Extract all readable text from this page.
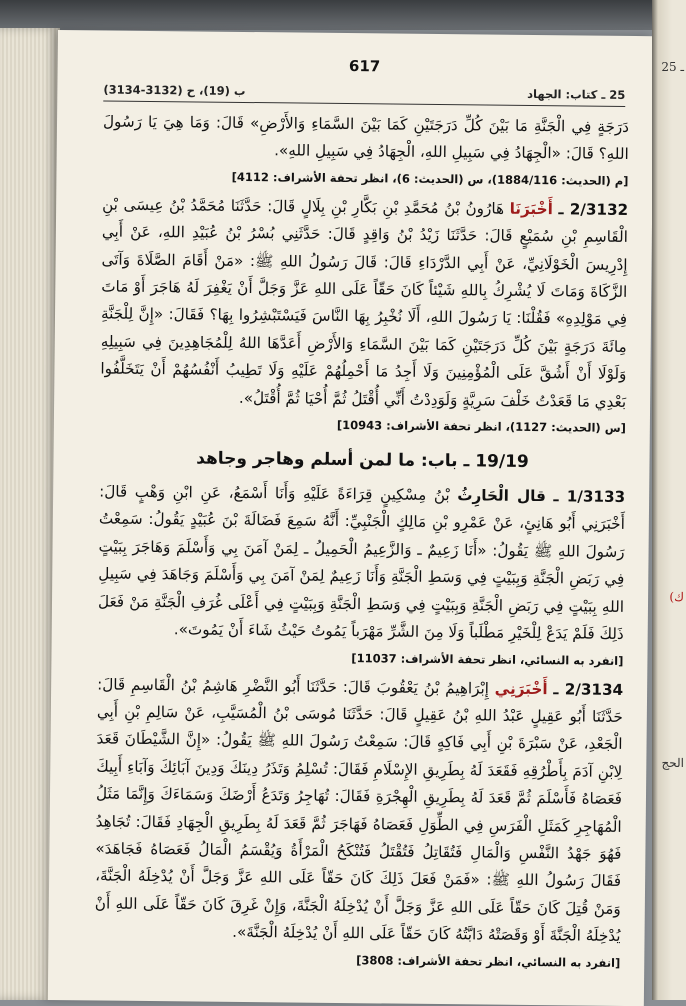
617
25 ـ كتاب: الجهاد
ب (19)، ح (3132-3134)

دَرَجَةٍ فِي الْجَنَّةِ مَا بَيْنَ كُلِّ دَرَجَتَيْنِ كَمَا بَيْنَ السَّمَاءِ وَالأَرْضِ» قَالَ: وَمَا هِيَ يَا رَسُولَ اللهِ؟ قَالَ: «الْجِهَادُ فِي سَبِيلِ اللهِ، الْجِهَادُ فِي سَبِيلِ اللهِ».

[م (الحديث: 1884/116)، س (الحديث: 6)، انظر تحفة الأشراف: 4112]

2/3132 ـ أَخْبَرَنَا هَارُونُ بْنُ مُحَمَّدِ بْنِ بَكَّارِ بْنِ بِلَالٍ قَالَ: حَدَّثَنَا مُحَمَّدُ بْنُ عِيسَى بْنِ الْقَاسِمِ بْنِ سُمَيْعٍ قَالَ: حَدَّثَنَا زَيْدُ بْنُ وَاقِدٍ قَالَ: حَدَّثَنِي بُسْرُ بْنُ عُبَيْدِ اللهِ، عَنْ أَبِي إِدْرِيسَ الْخَوْلَانِيِّ، عَنْ أَبِي الدَّرْدَاءِ قَالَ: قَالَ رَسُولُ اللهِ ﷺ: «مَنْ أَقَامَ الصَّلَاةَ وَآتَى الزَّكَاةَ وَمَاتَ لَا يُشْرِكُ بِاللهِ شَيْئاً كَانَ حَقّاً عَلَى اللهِ عَزَّ وَجَلَّ أَنْ يَغْفِرَ لَهُ هَاجَرَ أَوْ مَاتَ فِي مَوْلِدِهِ» فَقُلْنَا: يَا رَسُولَ اللهِ، أَلَا نُخْبِرُ بِهَا النَّاسَ فَيَسْتَبْشِرُوا بِهَا؟ فَقَالَ: «إِنَّ لِلْجَنَّةِ مِائَةَ دَرَجَةٍ بَيْنَ كُلِّ دَرَجَتَيْنِ كَمَا بَيْنَ السَّمَاءِ وَالأَرْضِ أَعَدَّهَا اللهُ لِلْمُجَاهِدِينَ فِي سَبِيلِهِ وَلَوْلَا أَنْ أَشُقَّ عَلَى الْمُؤْمِنِينَ وَلَا أَجِدُ مَا أَحْمِلُهُمْ عَلَيْهِ وَلَا تَطِيبُ أَنْفُسُهُمْ أَنْ يَتَخَلَّفُوا بَعْدِي مَا قَعَدْتُ خَلْفَ سَرِيَّةٍ وَلَوَدِدْتُ أَنِّي أُقْتَلُ ثُمَّ أُحْيَا ثُمَّ أُقْتَلُ».

[س (الحديث: 1127)، انظر تحفة الأشراف: 10943]
19/19 ـ باب: ما لمن أسلم وهاجر وجاهد

1/3133 ـ قال الْحَارِثُ بْنُ مِسْكِينٍ قِرَاءَةً عَلَيْهِ وَأَنَا أَسْمَعُ، عَنِ ابْنِ وَهْبٍ قَالَ: أَخْبَرَنِي أَبُو هَانِئٍ، عَنْ عَمْرِو بْنِ مَالِكٍ الْجَنْبِيِّ: أَنَّهُ سَمِعَ فَضَالَةَ بْنَ عُبَيْدٍ يَقُولُ: سَمِعْتُ رَسُولَ اللهِ ﷺ يَقُولُ: «أَنَا زَعِيمٌ ـ وَالزَّعِيمُ الْحَمِيلُ ـ لِمَنْ آمَنَ بِي وَأَسْلَمَ وَهَاجَرَ بِبَيْتٍ فِي رَبَضِ الْجَنَّةِ وَبِبَيْتٍ فِي وَسَطِ الْجَنَّةِ وَأَنَا زَعِيمٌ لِمَنْ آمَنَ بِي وَأَسْلَمَ وَجَاهَدَ فِي سَبِيلِ اللهِ بِبَيْتٍ فِي رَبَضِ الْجَنَّةِ وَبِبَيْتٍ فِي وَسَطِ الْجَنَّةِ وَبِبَيْتٍ فِي أَعْلَى غُرَفِ الْجَنَّةِ مَنْ فَعَلَ ذَلِكَ فَلَمْ يَدَعْ لِلْخَيْرِ مَطْلَباً وَلَا مِنَ الشَّرِّ مَهْرَباً يَمُوتُ حَيْثُ شَاءَ أَنْ يَمُوتَ».

[انفرد به النسائي، انظر تحفة الأشراف: 11037]

2/3134 ـ أَخْبَرَنِي إِبْرَاهِيمُ بْنُ يَعْقُوبَ قَالَ: حَدَّثَنَا أَبُو النَّضْرِ هَاشِمُ بْنُ الْقَاسِمِ قَالَ: حَدَّثَنَا أَبُو عَقِيلٍ عَبْدُ اللهِ بْنُ عَقِيلٍ قَالَ: حَدَّثَنَا مُوسَى بْنُ الْمُسَيَّبِ، عَنْ سَالِمِ بْنِ أَبِي الْجَعْدِ، عَنْ سَبْرَةَ بْنِ أَبِي فَاكِهٍ قَالَ: سَمِعْتُ رَسُولَ اللهِ ﷺ يَقُولُ: «إِنَّ الشَّيْطَانَ قَعَدَ لِابْنِ آدَمَ بِأَطْرُقِهِ فَقَعَدَ لَهُ بِطَرِيقِ الإِسْلَامِ فَقَالَ: تُسْلِمُ وَتَذَرُ دِينَكَ وَدِينَ آبَائِكَ وَآبَاءِ أَبِيكَ فَعَصَاهُ فَأَسْلَمَ ثُمَّ قَعَدَ لَهُ بِطَرِيقِ الْهِجْرَةِ فَقَالَ: تُهَاجِرُ وَتَدَعُ أَرْضَكَ وَسَمَاءَكَ وَإِنَّمَا مَثَلُ الْمُهَاجِرِ كَمَثَلِ الْفَرَسِ فِي الطِّوَلِ فَعَصَاهُ فَهَاجَرَ ثُمَّ قَعَدَ لَهُ بِطَرِيقِ الْجِهَادِ فَقَالَ: تُجَاهِدُ فَهُوَ جَهْدُ النَّفْسِ وَالْمَالِ فَتُقَاتِلُ فَتُقْتَلُ فَتُنْكَحُ الْمَرْأَةُ وَيُقْسَمُ الْمَالُ فَعَصَاهُ فَجَاهَدَ» فَقَالَ رَسُولُ اللهِ ﷺ: «فَمَنْ فَعَلَ ذَلِكَ كَانَ حَقّاً عَلَى اللهِ عَزَّ وَجَلَّ أَنْ يُدْخِلَهُ الْجَنَّةَ، وَمَنْ قُتِلَ كَانَ حَقّاً عَلَى اللهِ عَزَّ وَجَلَّ أَنْ يُدْخِلَهُ الْجَنَّةَ، وَإِنْ غَرِقَ كَانَ حَقّاً عَلَى اللهِ أَنْ يُدْخِلَهُ الْجَنَّةَ أَوْ وَقَصَتْهُ دَابَّتُهُ كَانَ حَقّاً عَلَى اللهِ أَنْ يُدْخِلَهُ الْجَنَّةَ».

[انفرد به النسائي، انظر تحفة الأشراف: 3808]
ـ 25
(ك
الحج
